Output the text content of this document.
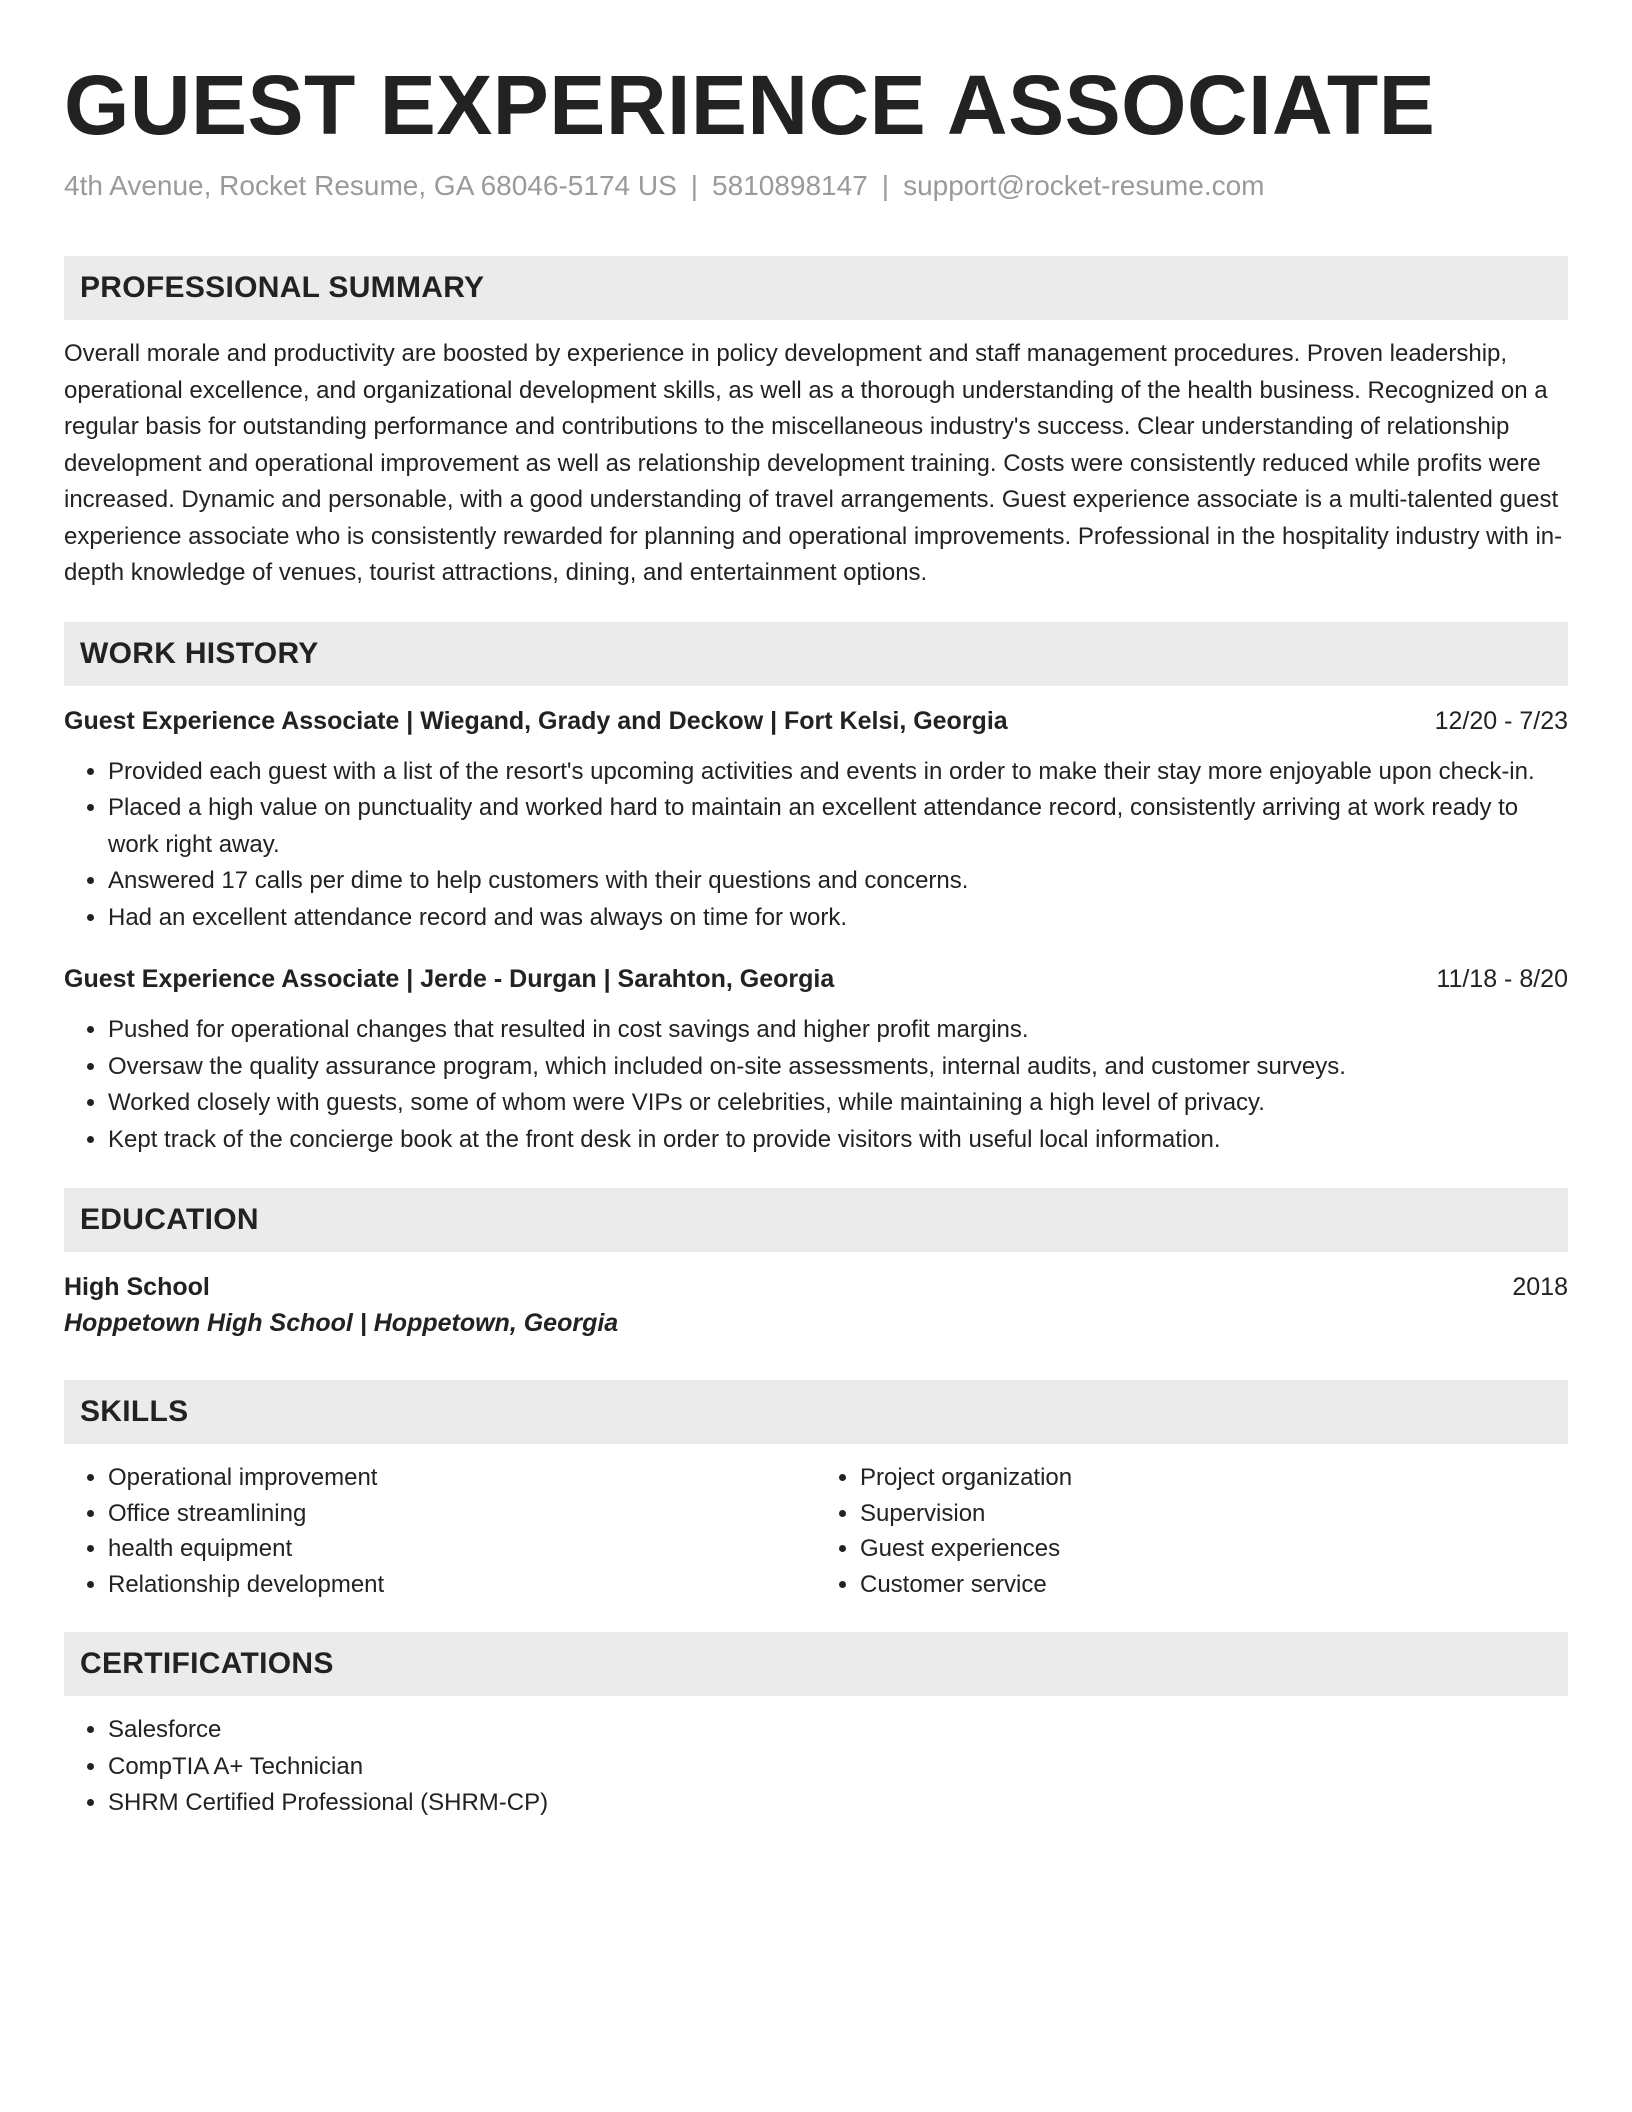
GUEST EXPERIENCE ASSOCIATE
4th Avenue, Rocket Resume, GA 68046-5174 US | 5810898147 | support@rocket-resume.com
PROFESSIONAL SUMMARY
Overall morale and productivity are boosted by experience in policy development and staff management procedures. Proven leadership, operational excellence, and organizational development skills, as well as a thorough understanding of the health business. Recognized on a regular basis for outstanding performance and contributions to the miscellaneous industry's success. Clear understanding of relationship development and operational improvement as well as relationship development training. Costs were consistently reduced while profits were increased. Dynamic and personable, with a good understanding of travel arrangements. Guest experience associate is a multi-talented guest experience associate who is consistently rewarded for planning and operational improvements. Professional in the hospitality industry with in-depth knowledge of venues, tourist attractions, dining, and entertainment options.
WORK HISTORY
Guest Experience Associate | Wiegand, Grady and Deckow | Fort Kelsi, Georgia	12/20 - 7/23
• Provided each guest with a list of the resort's upcoming activities and events in order to make their stay more enjoyable upon check-in.
• Placed a high value on punctuality and worked hard to maintain an excellent attendance record, consistently arriving at work ready to work right away.
• Answered 17 calls per dime to help customers with their questions and concerns.
• Had an excellent attendance record and was always on time for work.
Guest Experience Associate | Jerde - Durgan | Sarahton, Georgia	11/18 - 8/20
• Pushed for operational changes that resulted in cost savings and higher profit margins.
• Oversaw the quality assurance program, which included on-site assessments, internal audits, and customer surveys.
• Worked closely with guests, some of whom were VIPs or celebrities, while maintaining a high level of privacy.
• Kept track of the concierge book at the front desk in order to provide visitors with useful local information.
EDUCATION
High School	2018
Hoppetown High School | Hoppetown, Georgia
SKILLS
• Operational improvement
• Office streamlining
• health equipment
• Relationship development
• Project organization
• Supervision
• Guest experiences
• Customer service
CERTIFICATIONS
• Salesforce
• CompTIA A+ Technician
• SHRM Certified Professional (SHRM-CP)
